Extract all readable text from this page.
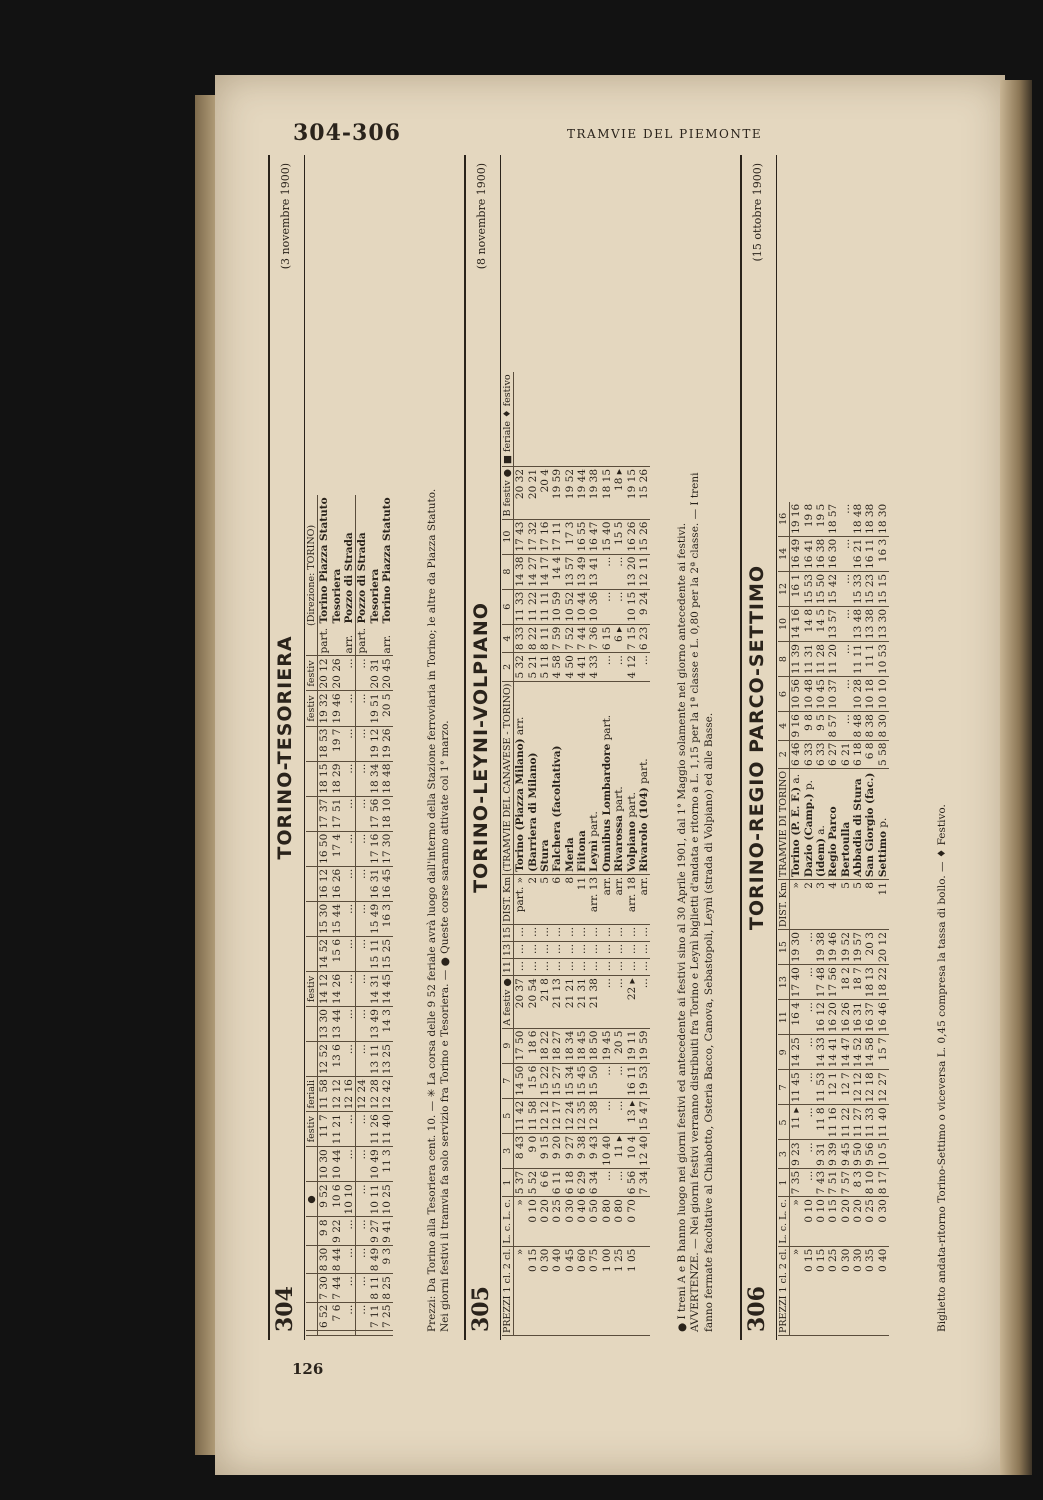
304-306	TRAMVIE DEL PIEMONTE
126
304
TORINO-TESORIERA
(3 novembre 1900)
					●		festiv	feriali			festiv								festiv	festiv	(Direzione: TORINO)
	6 52	7 30	8 30	9 8	9 52	10 30	11 7	11 58	12 52	13 30	14 12	14 52	15 30	16 12	16 50	17 37	18 15	18 53	19 32	20 12	part.Torino Piazza Statuto
	7 6	7 44	8 44	9 22	10 6	10 44	11 21	12 12	13 6	13 44	14 26	15 6	15 44	16 26	17 4	17 51	18 29	19 7	19 46	20 26	Tesoriera
	...	...	...	...	10 10	...	...	12 16	...	...	...	...	...	...	...	...	...	...	...	...	arr.Pozzo di Strada
	...	...	...	...	...	...	...	12 24	...	...	...	...	...	...	...	...	...	...	...	...	part.Pozzo di Strada
	7 11	8 11	8 49	9 27	10 11	10 49	11 26	12 28	13 11	13 49	14 31	15 11	15 49	16 31	17 16	17 56	18 34	19 12	19 51	20 31	Tesoriera
	7 25	8 25	9 3	9 41	10 25	11 3	11 40	12 42	13 25	14 3	14 45	15 25	16 3	16 45	17 30	18 10	18 48	19 26	20 5	20 45	arr.Torino Piazza Statuto	Prezzi: Da Torino alla Tesoriera cent. 10. — ✳ La corsa delle 9 52 feriale avrà luogo dall'interno della Stazione ferroviaria in Torino; le altre da Piazza Statuto. Nei giorni festivi il tramvia fa solo servizio fra Torino e Tesoriera. — ● Queste corse saranno attivate col 1° marzo. 305
TORINO-LEYNI-VOLPIANO
(8 novembre 1900)
PREZZI 1 cl. 2 cl.	L. c. L. c.	1	3	5	7	9	A festiv ●	11	13	15	DIST. Km	(TRAMVIE DEL CANAVESE - TORINO)	2	4	6	8	10	B festiv ●	■ feriale ♦ festivo
»	»	5 37	8 43	11 42	14 50	17 50	20 37	...	...	...	part. »	Torino (Piazza Milano) arr.	5 32	8 33	11 33	14 38	17 43	20 32	
0 15	0 10	5 52	9 0	11 58	15 6	18 6	20 54	...	...	...	2	(Barriera di Milano)	5 21	8 22	11 22	14 27	17 32	20 21	
0 30	0 20	6 6	9 15	12 12	15 22	18 22	21 8	...	...	...	5	Stura	5 11	8 11	11 11	14 17	17 16	20 4	
0 40	0 25	6 11	9 20	12 17	15 27	18 27	21 13	...	...	...	6	Falchera (facoltativa)	4 58	7 59	10 59	14 4	17 11	19 59	
0 45	0 30	6 18	9 27	12 24	15 34	18 34	21 21	...	...	...	8	Merla	4 50	7 52	10 52	13 57	17 3	19 52	
0 60	0 40	6 29	9 38	12 35	15 45	18 45	21 31	...	...	...	11	Fiitona	4 41	7 44	10 44	13 49	16 55	19 44	
0 75	0 50	6 34	9 43	12 38	15 50	18 50	21 38	...	...	...	arr. 13	Leynì part.	4 33	7 36	10 36	13 41	16 47	19 38	
1 00	0 80	...	10 40	...	...	19 45	...	...	...	...	arr.	Omnibus Lombardore part.	...	6 15	...	...	15 40	18 15	
1 25	0 80	...	11 ▸	...	...	20 5	...	...	...	...	arr.	Rivarossa part.	...	6 ▸	...	...	15 5	18 ▸	
1 05	0 70	6 56	10 4	13 ▸	16 11	19 11	22 ▸	...	...	...	arr. 18	Volpiano part.	4 12	7 15	10 15	13 20	16 26	19 15	
		7 34	12 40	15 47	19 53	19 59	...	...	...	...	arr.	Rivarolo (104) part.	...	6 23	9 24	12 11	15 26	15 26	
● I treni A e B hanno luogo nei giorni festivi ed antecedente ai festivi sino al 30 Aprile 1901, dal 1° Maggio solamente nel giorno antecedente ai festivi. AVVERTENZE. — Nei giorni festivi verranno distribuiti fra Torino e Leynì biglietti d'andata e ritorno a L. 1,15 per la 1ª classe e L. 0,80 per la 2ª classe. — I treni fanno fermate facoltative al Chiabotto, Osteria Bacco, Canova, Sebastopoli, Leynì (strada di Volpiano) ed alle Basse. 306
TORINO-REGIO PARCO-SETTIMO
(15 ottobre 1900)
PREZZI 1 cl. 2 cl.	L. c. L. c.	1	3	5	7	9	11	13	15	DIST. Km	TRAMVIE DI TORINO	2	4	6	8	10	12	14	16
»	»	7 35	9 23	11 ▸	11 45	14 25	16 4	17 40	19 30	»	Torino (P. E. F.) a.	6 46	9 16	10 56	11 39	14 16	16 1	16 49	19 16
0 15	0 10	...	...	...	...	...	...	...	...	2	Dazio (Camp.) p.	6 33	9 8	10 48	11 31	14 8	15 53	16 41	19 8
0 15	0 10	7 43	9 31	11 8	11 53	14 33	16 12	17 48	19 38	3	(idem) a.	6 33	9 5	10 45	11 28	14 5	15 50	16 38	19 5
0 25	0 15	7 51	9 39	11 16	12 1	14 41	16 20	17 56	19 46	4	Regio Parco	6 27	8 57	10 37	11 20	13 57	15 42	16 30	18 57
0 30	0 20	7 57	9 45	11 22	12 7	14 47	16 26	18 2	19 52	5	Bertoulla	6 21	...	...	...	...	...	...	...
0 30	0 20	8 3	9 50	11 27	12 12	14 52	16 31	18 7	19 57	5	Abbadia di Stura	6 18	8 48	10 28	11 11	13 48	15 33	16 21	18 48
0 35	0 25	8 10	9 56	11 33	12 18	14 58	16 37	18 13	20 3	8	San Giorgio (fac.)	6 8	8 38	10 18	11 1	13 38	15 23	16 11	18 38
0 40	0 30	8 17	10 5	11 40	12 27	15 7	16 46	18 22	20 12	11	Settimo p.	5 58	8 30	10 10	10 53	13 30	15 15	16 3	18 30
Biglietto andata-ritorno Torino-Settimo o viceversa L. 0,45 compresa la tassa di bollo. — ♦ Festivo.
